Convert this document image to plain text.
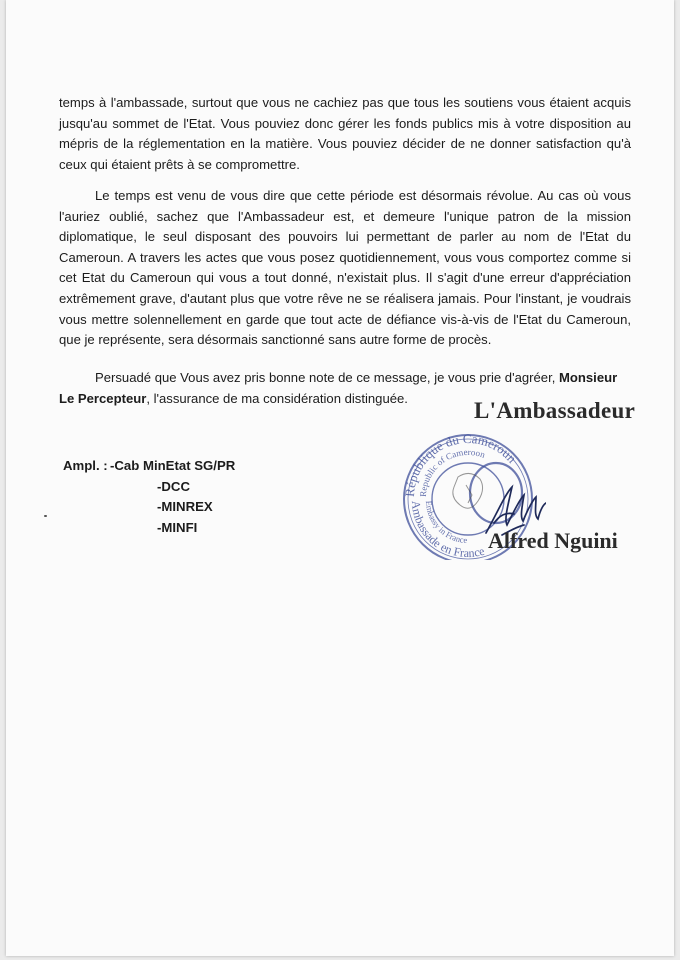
temps à l'ambassade, surtout que vous ne cachiez pas que tous les soutiens vous étaient acquis jusqu'au sommet de l'Etat. Vous pouviez donc gérer les fonds publics mis à votre disposition au mépris de la réglementation en la matière. Vous pouviez décider de ne donner satisfaction qu'à ceux qui étaient prêts à se compromettre.

Le temps est venu de vous dire que cette période est désormais révolue. Au cas où vous l'auriez oublié, sachez que l'Ambassadeur est, et demeure l'unique patron de la mission diplomatique, le seul disposant des pouvoirs lui permettant de parler au nom de l'Etat du Cameroun. A travers les actes que vous posez quotidiennement, vous vous comportez comme si cet Etat du Cameroun qui vous a tout donné, n'existait plus. Il s'agit d'une erreur d'appréciation extrêmement grave, d'autant plus que votre rêve ne se réalisera jamais. Pour l'instant, je voudrais vous mettre solennellement en garde que tout acte de défiance vis-à-vis de l'Etat du Cameroun, que je représente, sera désormais sanctionné sans autre forme de procès.

Persuadé que Vous avez pris bonne note de ce message, je vous prie d'agréer, Monsieur Le Percepteur, l'assurance de ma considération distinguée.	L'Ambassadeur
République du Cameroun
Republic of Cameroon
Ambassade en France
Embassy in France Alfred Nguini
Ampl. : -Cab MinEtat SG/PR
-DCC
-MINREX
-MINFI
